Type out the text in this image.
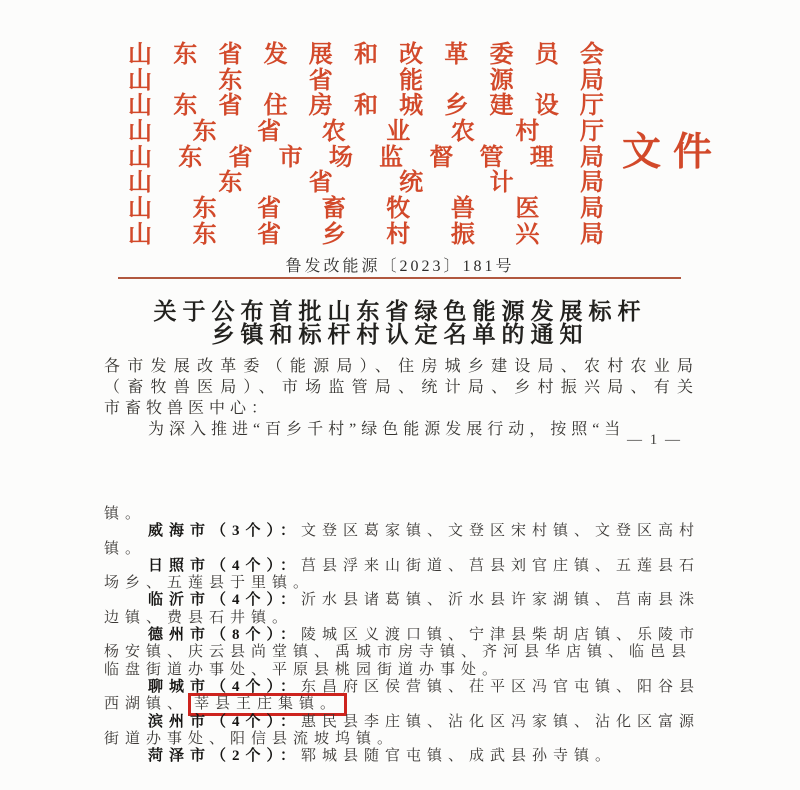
山 东 省 发 展 和 改 革 委 员 会
山	东	省	能	源	局
山 东 省 住 房 和 城 乡 建 设 厅
山 东 省 农 业 农 村 厅
山 东 省 市 场 监 督 管 理 局
山	东	省	统	计	局
山 东 省 畜 牧 兽 医 局
山 东 省 乡 村 振 兴 局
文件
鲁发改能源〔2023〕181号
关于公布首批山东省绿色能源发展标杆
乡镇和标杆村认定名单的通知
各市发展改革委（能源局）、住房城乡建设局、农村农业局
（畜牧兽医局）、市场监管局、统计局、乡村振兴局、有关
市畜牧兽医中心：
为深入推进“百乡千村”绿色能源发展行动，按照“当
— 1 —
镇。
威海市（3个）：文登区葛家镇、文登区宋村镇、文登区高村
镇。
日照市（4个）：莒县浮来山街道、莒县刘官庄镇、五莲县石
场乡、五莲县于里镇。
临沂市（4个）：沂水县诸葛镇、沂水县许家湖镇、莒南县洙
边镇、费县石井镇。
德州市（8个）：陵城区义渡口镇、宁津县柴胡店镇、乐陵市
杨安镇、庆云县尚堂镇、禹城市房寺镇、齐河县华店镇、临邑县
临盘街道办事处、平原县桃园街道办事处。
聊城市（4个）：东昌府区侯营镇、茌平区冯官屯镇、阳谷县
西湖镇、 莘县王庄集镇。
滨州市（4个）：惠民县李庄镇、沾化区冯家镇、沾化区富源
街道办事处、阳信县流坡坞镇。
菏泽市（2个）：郓城县随官屯镇、成武县孙寺镇。
